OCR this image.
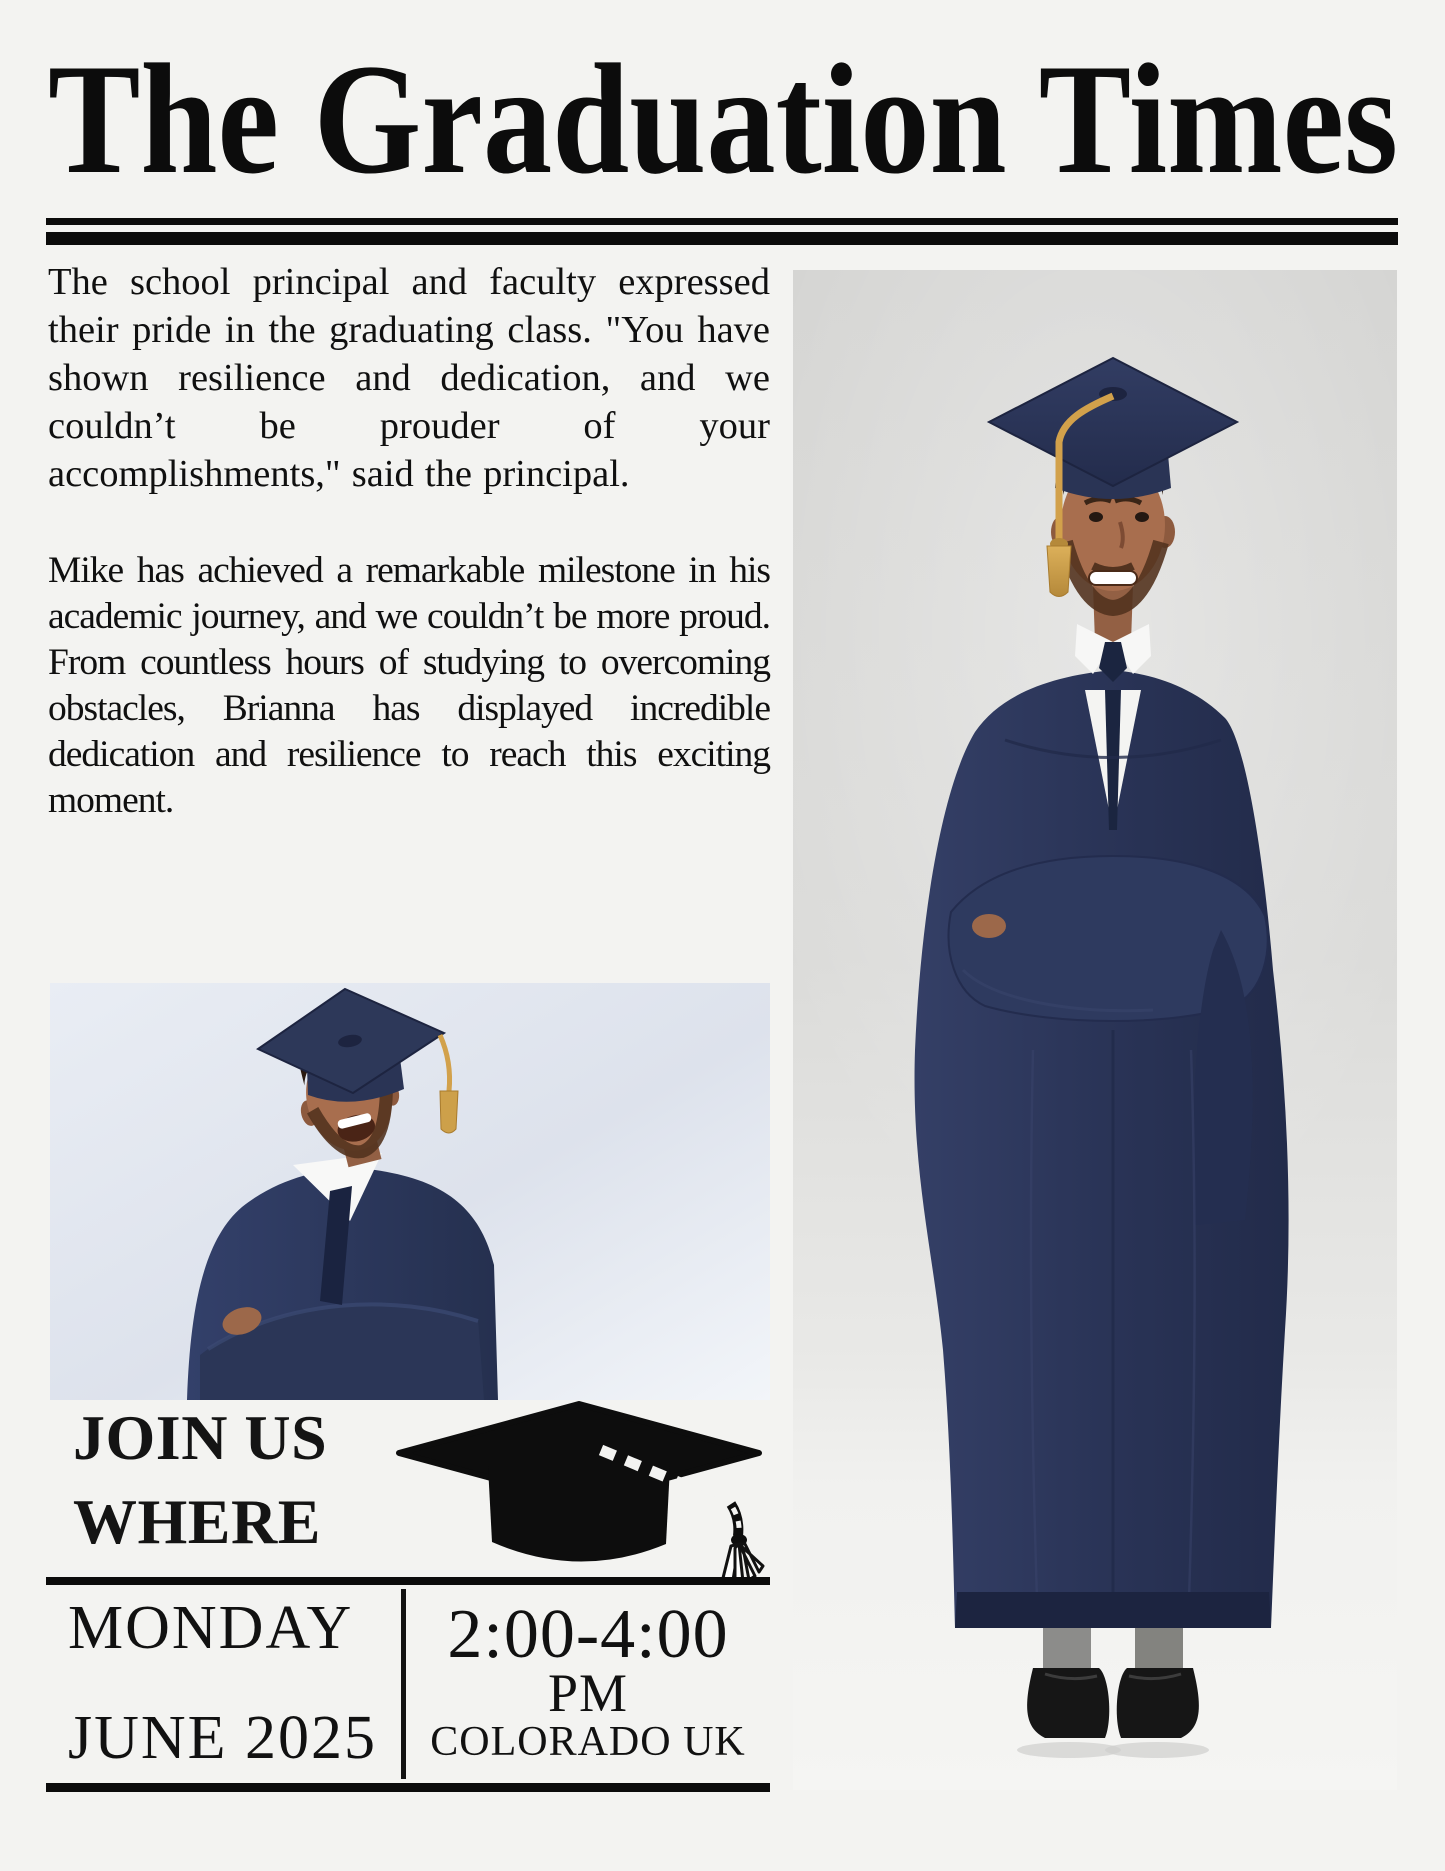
The Graduation Times

The school principal and faculty expressed their pride in the graduating class. "You have shown resilience and dedication, and we couldn’t be prouder of your accomplishments," said the principal.

Mike has achieved a remarkable milestone in his academic journey, and we couldn’t be more proud. From countless hours of studying to overcoming obstacles, Brianna has displayed incredible dedication and resilience to reach this exciting moment.

JOIN US
WHERE
MONDAY
JUNE 2025
2:00-4:00
PM
COLORADO UK
